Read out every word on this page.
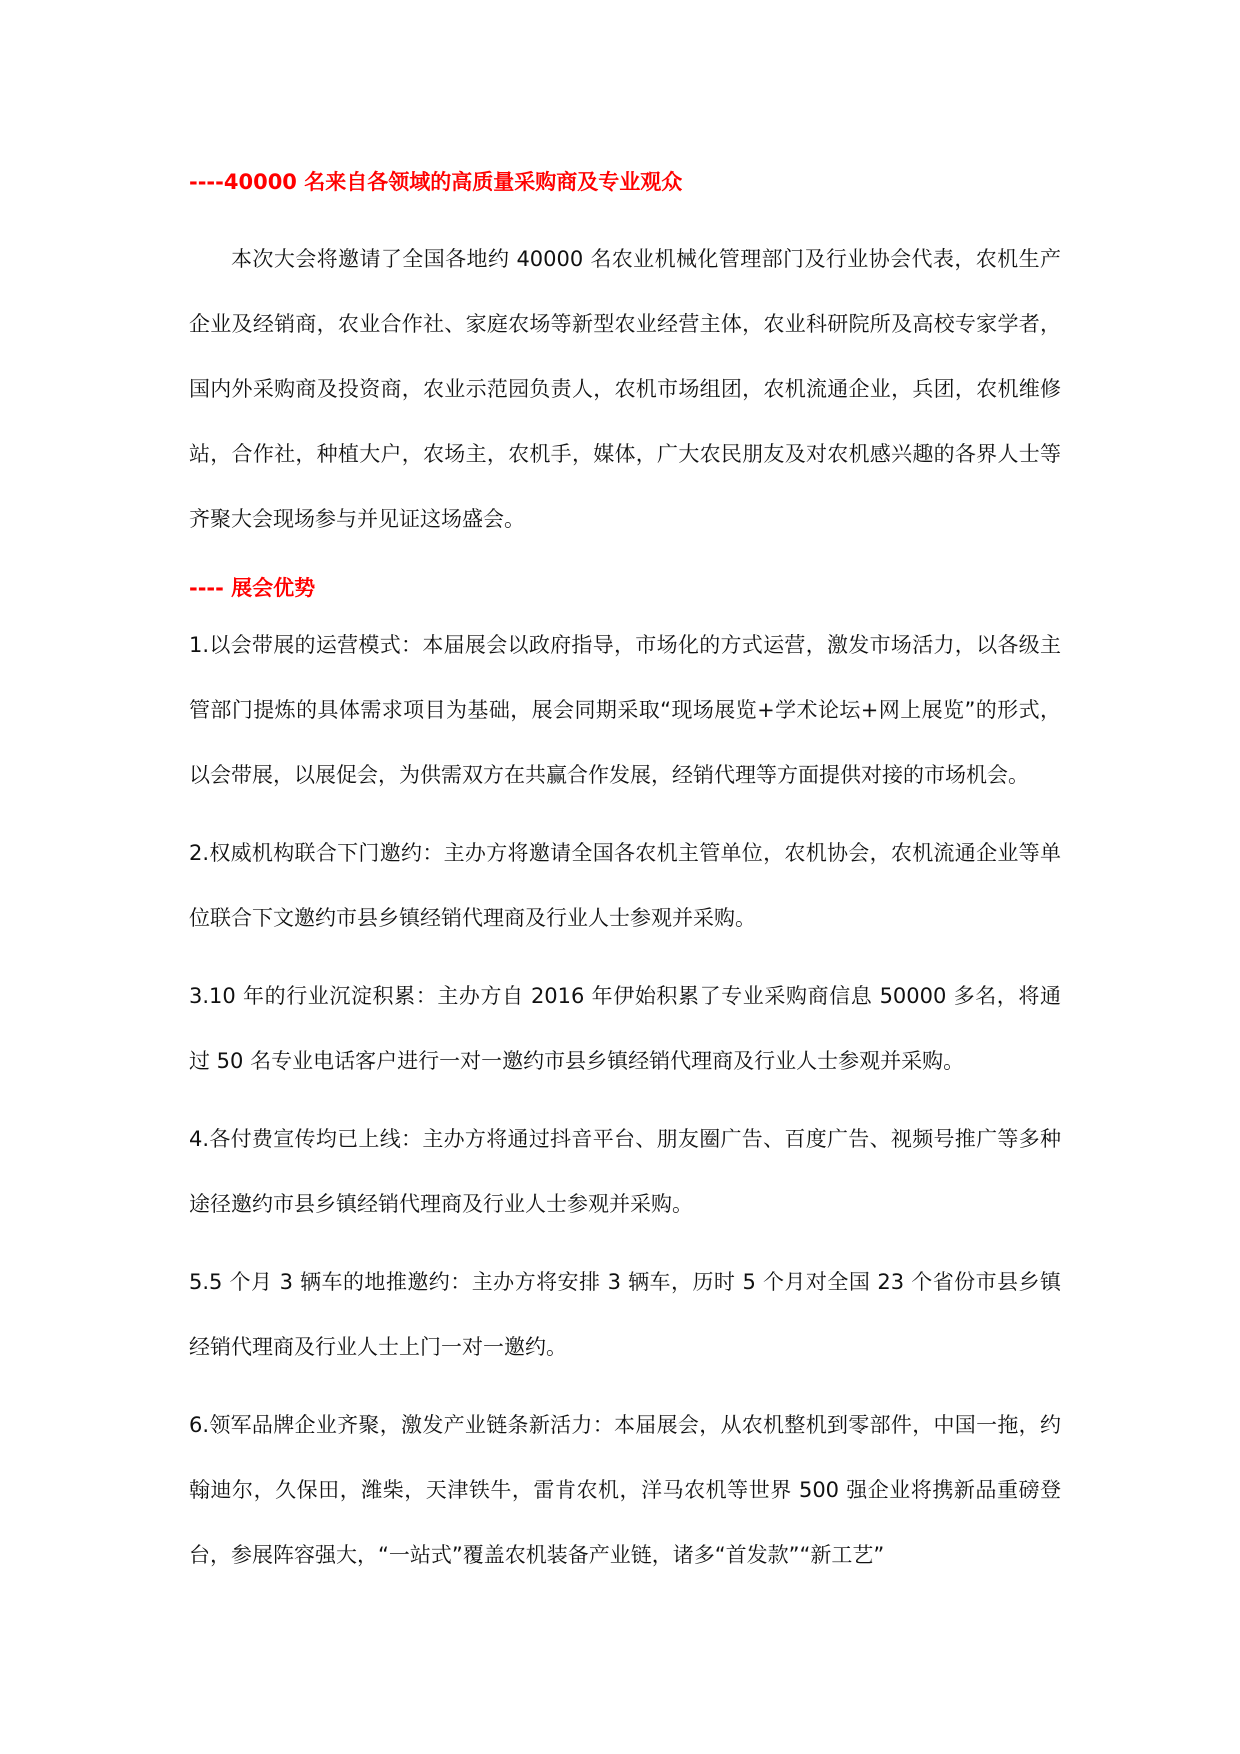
----40000 名来自各领域的高质量采购商及专业观众

本次大会将邀请了全国各地约 40000 名农业机械化管理部门及行业协会代表，农机生产企业及经销商，农业合作社、家庭农场等新型农业经营主体，农业科研院所及高校专家学者，国内外采购商及投资商，农业示范园负责人，农机市场组团，农机流通企业，兵团，农机维修站，合作社，种植大户，农场主，农机手，媒体，广大农民朋友及对农机感兴趣的各界人士等齐聚大会现场参与并见证这场盛会。

---- 展会优势

1.以会带展的运营模式：本届展会以政府指导，市场化的方式运营，激发市场活力，以各级主管部门提炼的具体需求项目为基础，展会同期采取“现场展览+学术论坛+网上展览”的形式，以会带展，以展促会，为供需双方在共赢合作发展，经销代理等方面提供对接的市场机会。

2.权威机构联合下门邀约：主办方将邀请全国各农机主管单位，农机协会，农机流通企业等单位联合下文邀约市县乡镇经销代理商及行业人士参观并采购。

3.10 年的行业沉淀积累：主办方自 2016 年伊始积累了专业采购商信息 50000 多名，将通过 50 名专业电话客户进行一对一邀约市县乡镇经销代理商及行业人士参观并采购。

4.各付费宣传均已上线：主办方将通过抖音平台、朋友圈广告、百度广告、视频号推广等多种途径邀约市县乡镇经销代理商及行业人士参观并采购。

5.5 个月 3 辆车的地推邀约：主办方将安排 3 辆车，历时 5 个月对全国 23 个省份市县乡镇经销代理商及行业人士上门一对一邀约。

6.领军品牌企业齐聚，激发产业链条新活力：本届展会，从农机整机到零部件，中国一拖，约翰迪尔，久保田，潍柴，天津铁牛，雷肯农机，洋马农机等世界 500 强企业将携新品重磅登台，参展阵容强大，“一站式”覆盖农机装备产业链，诸多“首发款”“新工艺”
